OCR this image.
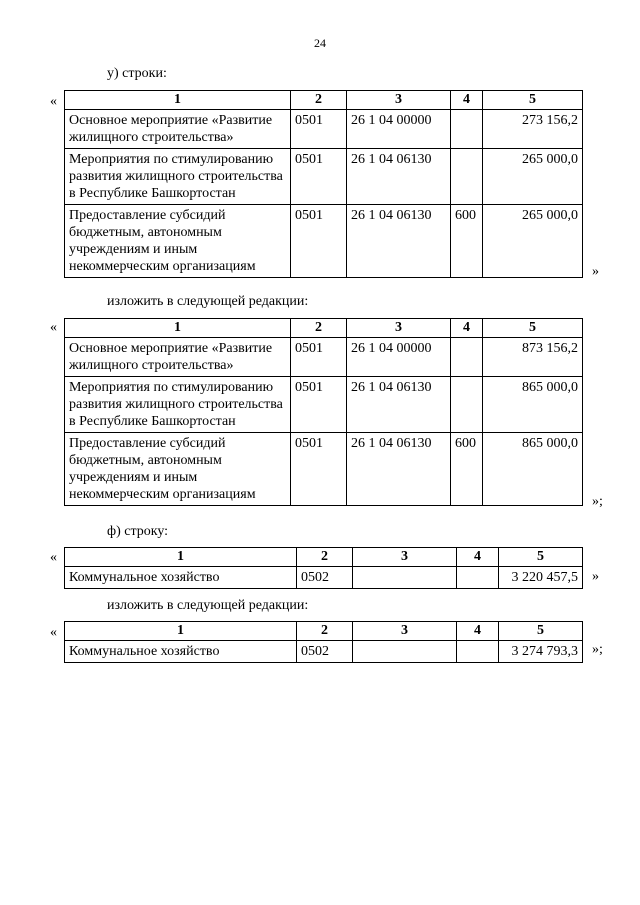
24
у) строки:
«	1	2	3	4	5
Основное мероприятие «Развитие жилищного строительства»	0501	26 1 04 00000		273 156,2
Мероприятия по стимулированию развития жилищного строительства в Республике Башкортостан	0501	26 1 04 06130		265 000,0
Предоставление субсидий бюджетным, автономным учреждениям и иным некоммерческим организациям	0501	26 1 04 06130	600	265 000,0
»
изложить в следующей редакции:
«	1	2	3	4	5
Основное мероприятие «Развитие жилищного строительства»	0501	26 1 04 00000		873 156,2
Мероприятия по стимулированию развития жилищного строительства в Республике Башкортостан	0501	26 1 04 06130		865 000,0
Предоставление субсидий бюджетным, автономным учреждениям и иным некоммерческим организациям	0501	26 1 04 06130	600	865 000,0
»;
ф) строку:
«	1	2	3	4	5
Коммунальное хозяйство	0502			3 220 457,5 »
изложить в следующей редакции:
«	1	2	3	4	5
Коммунальное хозяйство	0502			3 274 793,3 »;
